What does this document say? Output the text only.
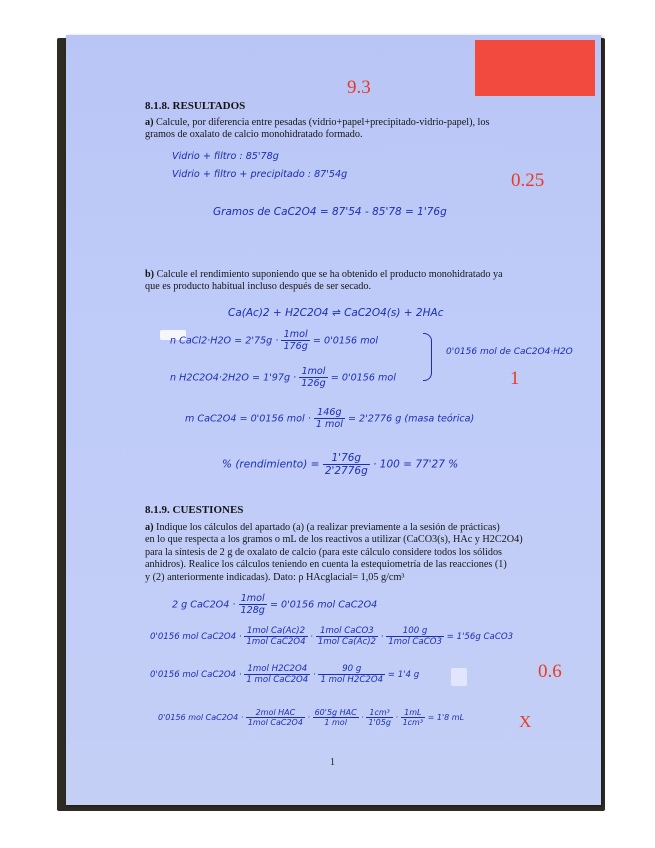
9.3
0.25
1
0.6
8.1.8. RESULTADOS
a) Calcule, por diferencia entre pesadas (vidrio+papel+precipitado-vidrio-papel), los
gramos de oxalato de calcio monohidratado formado.
Vidrio + filtro : 85'78g
Vidrio + filtro + precipitado : 87'54g
Gramos de CaC2O4 = 87'54 - 85'78 = 1'76g
b) Calcule el rendimiento suponiendo que se ha obtenido el producto monohidratado ya
que es producto habitual incluso después de ser secado.
Ca(Ac)2 + H2C2O4 ⇌ CaC2O4(s) + 2HAc
n CaCl2·H2O = $2'75g \cdot \frac{\text{1mol}}{176g} = 0'0156$ mol
n $H2C2O4\cdot 2H2O = 1'97g \cdot \frac{\text{1mol}}{126g} = 0'0156$ mol
0'0156 mol de CaC2O4·H2O
m CaC2O4 = 0'0156 mol · $\frac{146g}{\text{1 mol}} = 2'2776$ g (masa teórica)
% (rendimiento) = $\frac{1'76g}{2'2776g} \cdot 100 = 77'27$ %
8.1.9. CUESTIONES
a) Indique los cálculos del apartado (a) (a realizar previamente a la sesión de prácticas)
en lo que respecta a los gramos o mL de los reactivos a utilizar (CaCO3(s), HAc y H2C2O4)
para la síntesis de 2 g de oxalato de calcio (para este cálculo considere todos los sólidos
anhidros). Realice los cálculos teniendo en cuenta la estequiometría de las reacciones (1)
y (2) anteriormente indicadas). Dato: ρ HAcglacial= 1,05 g/cm³
2 g $CaC2O4 \cdot \frac{\text{1mol}}{128g} = 0'0156$ mol CaC2O4
0'0156 mol $CaC2O4 \cdot \frac{\text{1mol Ca(Ac)2}}{\text{1mol CaC2O4}} \cdot \frac{\text{1mol CaCO3}}{\text{1mol Ca(Ac)2}} \cdot \frac{100 g}{\text{1mol CaCO3}} = 1'56g$ CaCO3
0'0156 mol $CaC2O4 \cdot \frac{\text{1mol H2C2O4}}{\text{1 mol CaC2O4}} \cdot \frac{90 g}{\text{1 mol H2C2O4}} = 1'4$ g
0'0156 mol $CaC2O4 \cdot \frac{\text{2mol HAC}}{\text{1mol CaC2O4}} \cdot \frac{\text{60'5g HAC}}{\text{1 mol}} \cdot \frac{\text{1cm³}}{1'05g} \cdot \frac{1mL}{\text{1cm³}} = 1'8$ mL	X
1
